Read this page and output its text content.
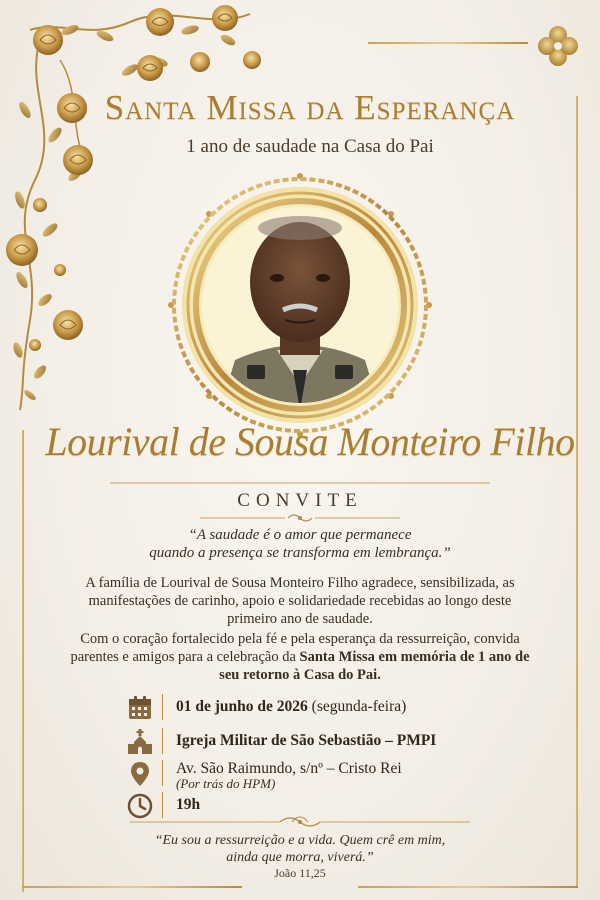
Santa Missa da Esperança
1 ano de saudade na Casa do Pai
Lourival de Sousa Monteiro Filho
CONVITE
“A saudade é o amor que permanece
quando a presença se transforma em lembrança.”
A família de Lourival de Sousa Monteiro Filho agradece, sensibilizada, as manifestações de carinho, apoio e solidariedade recebidas ao longo deste primeiro ano de saudade.
Com o coração fortalecido pela fé e pela esperança da ressurreição, convida parentes e amigos para a celebração da Santa Missa em memória de 1 ano de seu retorno à Casa do Pai.
01 de junho de 2026 (segunda-feira)
Igreja Militar de São Sebastião – PMPI
Av. São Raimundo, s/nº – Cristo Rei
(Por trás do HPM)
19h
“Eu sou a ressurreição e a vida. Quem crê em mim,
ainda que morra, viverá.”
João 11,25
